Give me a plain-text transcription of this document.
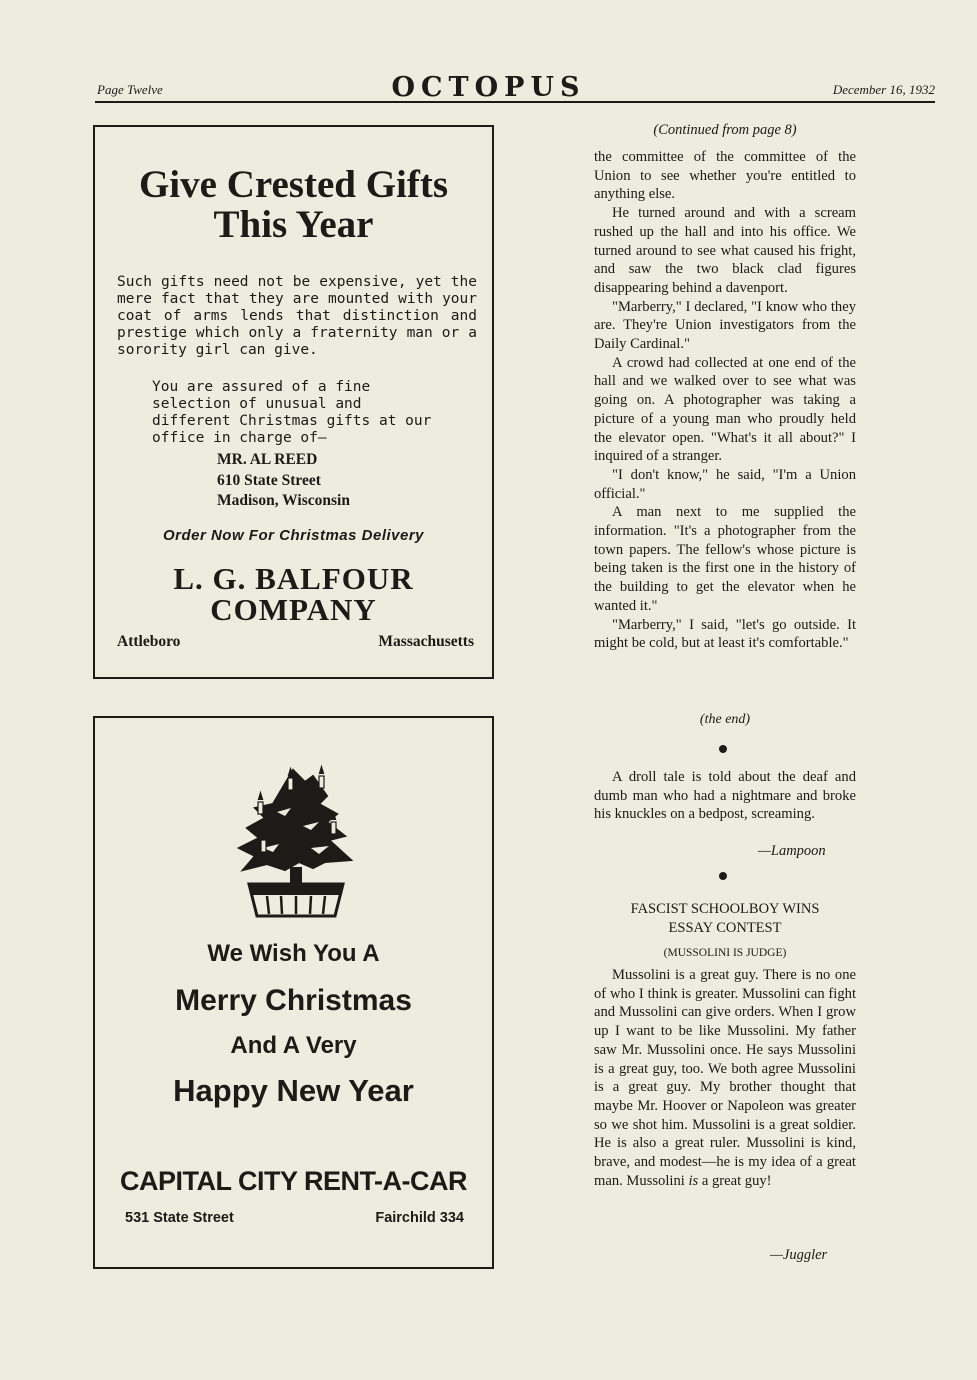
Page Twelve	OCTOPUS	December 16, 1932
Give Crested Gifts
This Year
Such gifts need not be expensive, yet the mere fact that they are mounted with your coat of arms lends that distinction and prestige which only a fraternity man or a sorority girl can give.
You are assured of a fine selection of unusual and different Christmas gifts at our office in charge of—
MR. AL REED
610 State Street
Madison, Wisconsin
Order Now For Christmas Delivery
L. G. BALFOUR
COMPANY
Attleboro	Massachusetts
We Wish You A
Merry Christmas
And A Very
Happy New Year
CAPITAL CITY RENT-A-CAR
531 State Street	Fairchild 334
(Continued from page 8)

the committee of the committee of the Union to see whether you're entitled to anything else.

He turned around and with a scream rushed up the hall and into his office. We turned around to see what caused his fright, and saw the two black clad figures disappearing behind a davenport.

"Marberry," I declared, "I know who they are. They're Union investigators from the Daily Cardinal."

A crowd had collected at one end of the hall and we walked over to see what was going on. A photographer was taking a picture of a young man who proudly held the elevator open. "What's it all about?" I inquired of a stranger.

"I don't know," he said, "I'm a Union official."

A man next to me supplied the information. "It's a photographer from the town papers. The fellow's whose picture is being taken is the first one in the history of the building to get the elevator when he wanted it."

"Marberry," I said, "let's go outside. It might be cold, but at least it's comfortable."

(the end)

A droll tale is told about the deaf and dumb man who had a nightmare and broke his knuckles on a bedpost, screaming.

—Lampoon
FASCIST SCHOOLBOY WINS
ESSAY CONTEST
(MUSSOLINI IS JUDGE)

Mussolini is a great guy. There is no one of who I think is greater. Mussolini can fight and Mussolini can give orders. When I grow up I want to be like Mussolini. My father saw Mr. Mussolini once. He says Mussolini is a great guy, too. We both agree Mussolini is a great guy. My brother thought that maybe Mr. Hoover or Napoleon was greater so we shot him. Mussolini is a great soldier. He is also a great ruler. Mussolini is kind, brave, and modest—he is my idea of a great man. Mussolini is a great guy!

—Juggler
